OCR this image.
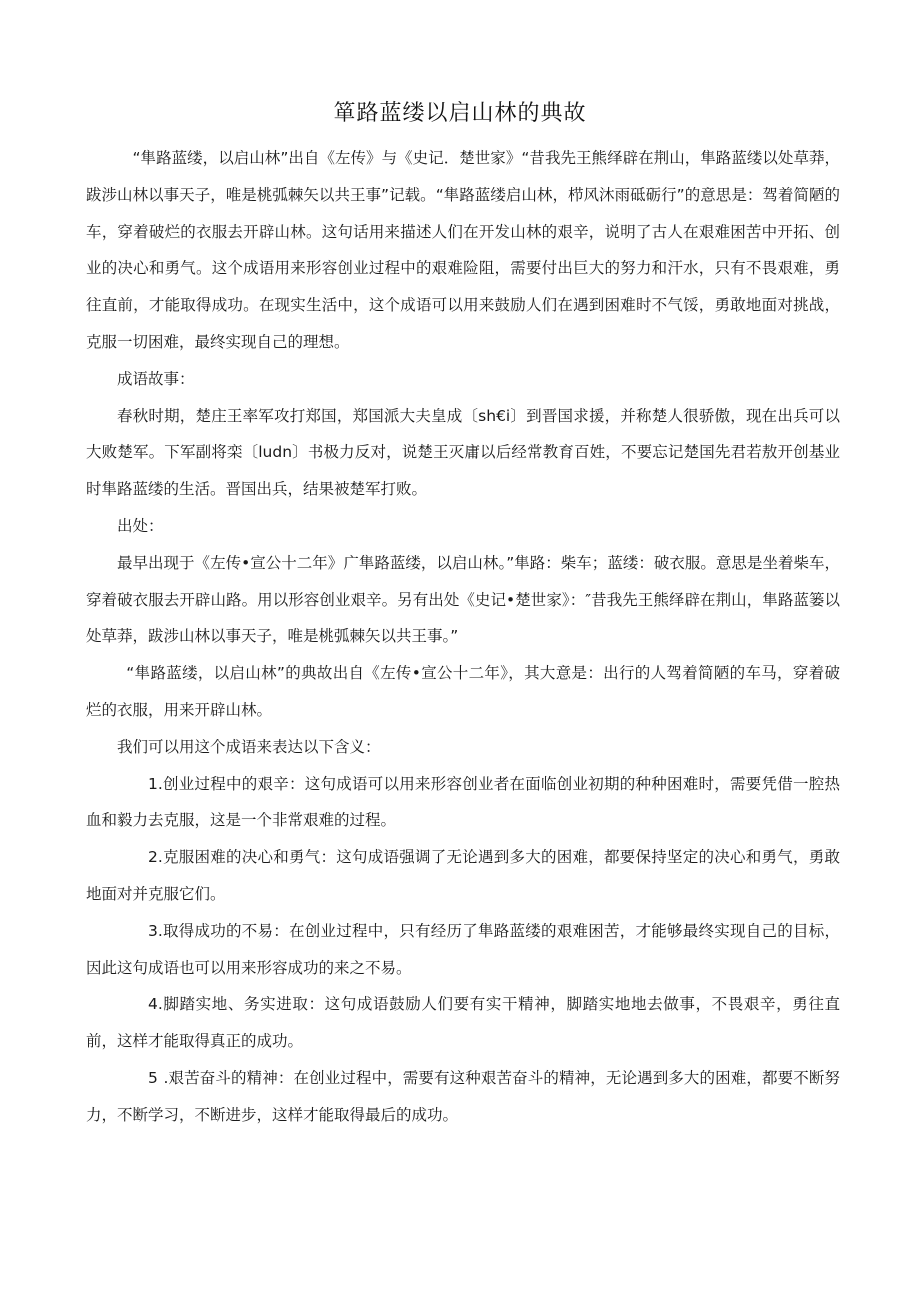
箪路蓝缕以启山林的典故

“隼路蓝缕，以启山林”出自《左传》与《史记．楚世家》“昔我先王熊绎辟在荆山，隼路蓝缕以处草莽，跋涉山林以事天子，唯是桃弧棘矢以共王事”记载。“隼路蓝缕启山林，栉风沐雨砥砺行”的意思是：驾着简陋的车，穿着破烂的衣服去开辟山林。这句话用来描述人们在开发山林的艰辛，说明了古人在艰难困苦中开拓、创业的决心和勇气。这个成语用来形容创业过程中的艰难险阻，需要付出巨大的努力和汗水，只有不畏艰难，勇往直前，才能取得成功。在现实生活中，这个成语可以用来鼓励人们在遇到困难时不气馁，勇敢地面对挑战，克服一切困难，最终实现自己的理想。

成语故事：

春秋时期，楚庄王率军攻打郑国，郑国派大夫皇成〔sh€i〕到晋国求援，并称楚人很骄傲，现在出兵可以大败楚军。下军副将栾〔ludn〕书极力反对，说楚王灭庸以后经常教育百姓，不要忘记楚国先君若敖开创基业时隼路蓝缕的生活。晋国出兵，结果被楚军打败。

出处：

最早出现于《左传•宣公十二年》广隼路蓝缕，以启山林。”隼路：柴车；蓝缕：破衣服。意思是坐着柴车，穿着破衣服去开辟山路。用以形容创业艰辛。另有出处《史记•楚世家》：″昔我先王熊绎辟在荆山，隼路蓝篓以处草莽，跋涉山林以事天子，唯是桃弧棘矢以共王事。”

“隼路蓝缕，以启山林”的典故出自《左传•宣公十二年》，其大意是：出行的人驾着简陋的车马，穿着破烂的衣服，用来开辟山林。

我们可以用这个成语来表达以下含义：

1.创业过程中的艰辛：这句成语可以用来形容创业者在面临创业初期的种种困难时，需要凭借一腔热血和毅力去克服，这是一个非常艰难的过程。

2.克服困难的决心和勇气：这句成语强调了无论遇到多大的困难，都要保持坚定的决心和勇气，勇敢地面对并克服它们。

3.取得成功的不易：在创业过程中，只有经历了隼路蓝缕的艰难困苦，才能够最终实现自己的目标，因此这句成语也可以用来形容成功的来之不易。

4.脚踏实地、务实进取：这句成语鼓励人们要有实干精神，脚踏实地地去做事，不畏艰辛，勇往直前，这样才能取得真正的成功。

5 .艰苦奋斗的精神：在创业过程中，需要有这种艰苦奋斗的精神，无论遇到多大的困难，都要不断努力，不断学习，不断进步，这样才能取得最后的成功。
